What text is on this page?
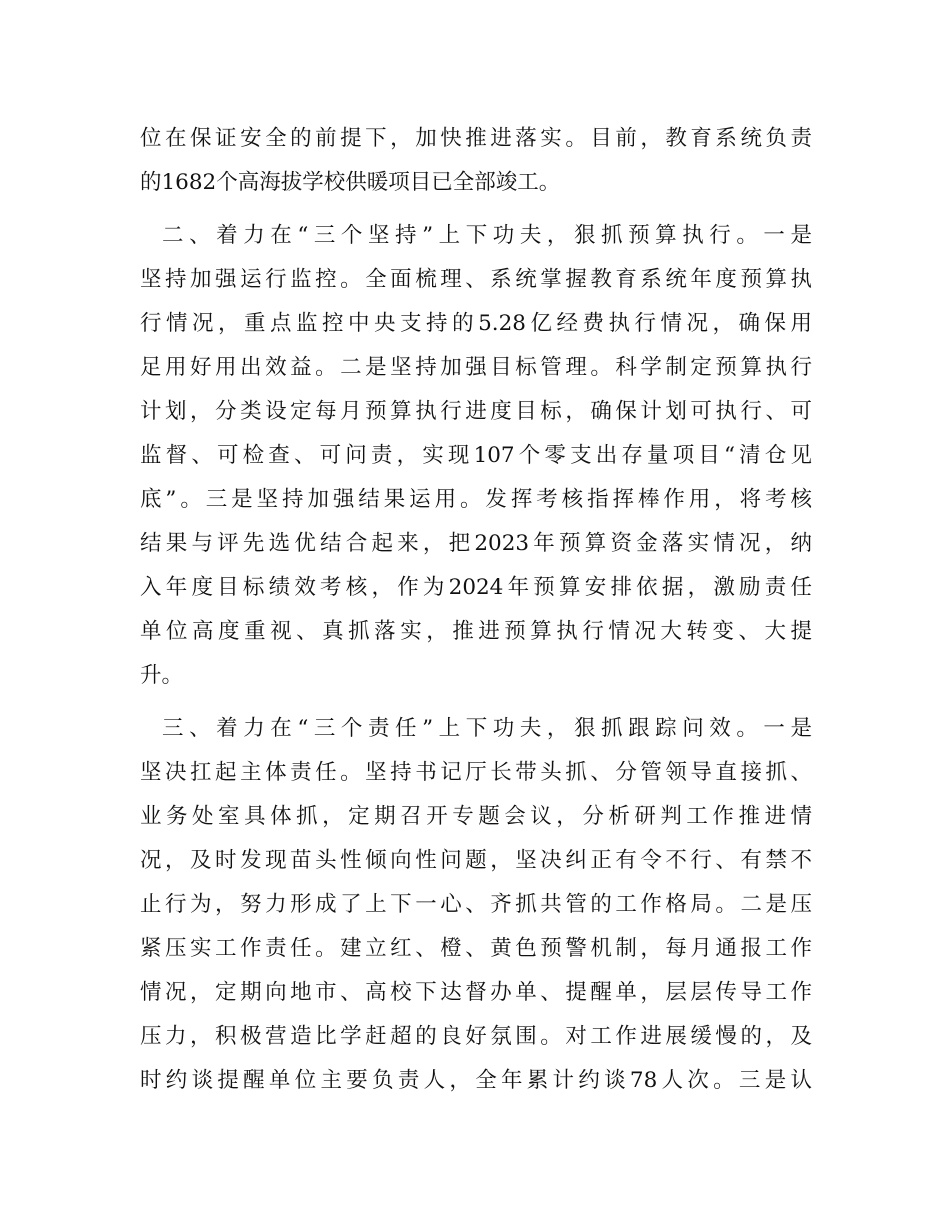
位在保证安全的前提下，加快推进落实。目前，教育系统负责
的1682个高海拔学校供暖项目已全部竣工。
二、着力在“三个坚持”上下功夫，狠抓预算执行。一是
坚持加强运行监控。全面梳理、系统掌握教育系统年度预算执
行情况，重点监控中央支持的5.28亿经费执行情况，确保用
足用好用出效益。二是坚持加强目标管理。科学制定预算执行
计划，分类设定每月预算执行进度目标，确保计划可执行、可
监督、可检查、可问责，实现107个零支出存量项目“清仓见
底”。三是坚持加强结果运用。发挥考核指挥棒作用，将考核
结果与评先选优结合起来，把2023年预算资金落实情况，纳
入年度目标绩效考核，作为2024年预算安排依据，激励责任
单位高度重视、真抓落实，推进预算执行情况大转变、大提
升。
三、着力在“三个责任”上下功夫，狠抓跟踪问效。一是
坚决扛起主体责任。坚持书记厅长带头抓、分管领导直接抓、
业务处室具体抓，定期召开专题会议，分析研判工作推进情
况，及时发现苗头性倾向性问题，坚决纠正有令不行、有禁不
止行为，努力形成了上下一心、齐抓共管的工作格局。二是压
紧压实工作责任。建立红、橙、黄色预警机制，每月通报工作
情况，定期向地市、高校下达督办单、提醒单，层层传导工作
压力，积极营造比学赶超的良好氛围。对工作进展缓慢的，及
时约谈提醒单位主要负责人，全年累计约谈78人次。三是认
